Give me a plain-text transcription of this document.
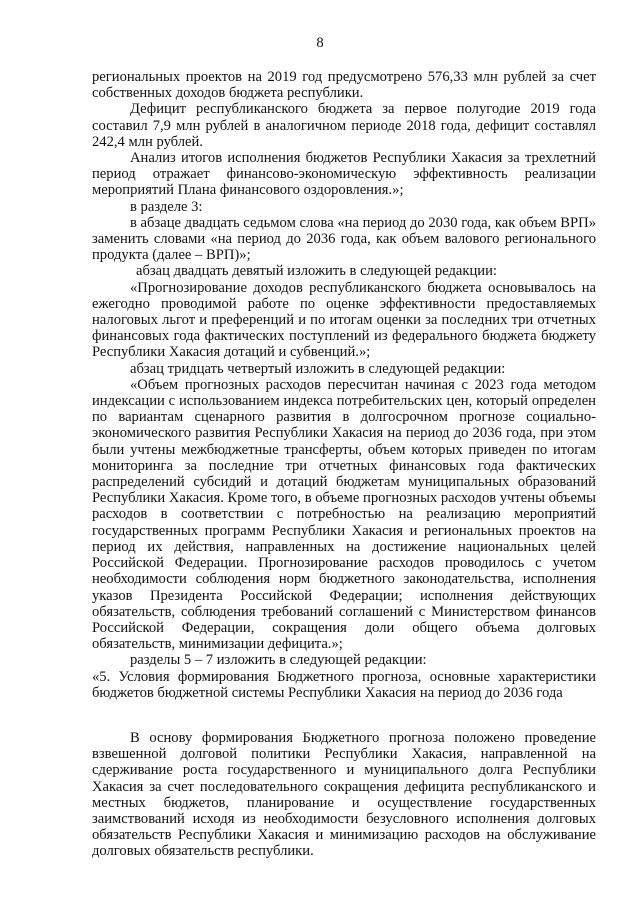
8

региональных проектов на 2019 год предусмотрено 576,33 млн рублей за счет собственных доходов бюджета республики.

Дефицит республиканского бюджета за первое полугодие 2019 года составил 7,9 млн рублей в аналогичном периоде 2018 года, дефицит составлял 242,4 млн рублей.

Анализ итогов исполнения бюджетов Республики Хакасия за трехлетний период отражает финансово-экономическую эффективность реализации мероприятий Плана финансового оздоровления.»;

в разделе 3:

в абзаце двадцать седьмом слова «на период до 2030 года, как объем ВРП» заменить словами «на период до 2036 года, как объем валового регионального продукта (далее – ВРП)»;

абзац двадцать девятый изложить в следующей редакции:

«Прогнозирование доходов республиканского бюджета основывалось на ежегодно проводимой работе по оценке эффективности предоставляемых налоговых льгот и преференций и по итогам оценки за последних три отчетных финансовых года фактических поступлений из федерального бюджета бюджету Республики Хакасия дотаций и субвенций.»;

абзац тридцать четвертый изложить в следующей редакции:

«Объем прогнозных расходов пересчитан начиная с 2023 года методом индексации с использованием индекса потребительских цен, который определен по вариантам сценарного развития в долгосрочном прогнозе социально-экономического развития Республики Хакасия на период до 2036 года, при этом были учтены межбюджетные трансферты, объем которых приведен по итогам мониторинга за последние три отчетных финансовых года фактических распределений субсидий и дотаций бюджетам муниципальных образований Республики Хакасия. Кроме того, в объеме прогнозных расходов учтены объемы расходов в соответствии с потребностью на реализацию мероприятий государственных программ Республики Хакасия и региональных проектов на период их действия, направленных на достижение национальных целей Российской Федерации. Прогнозирование расходов проводилось с учетом необходимости соблюдения норм бюджетного законодательства, исполнения указов Президента Российской Федерации; исполнения действующих обязательств, соблюдения требований соглашений с Министерством финансов Российской Федерации, сокращения доли общего объема долговых обязательств, минимизации дефицита.»;

разделы 5 – 7 изложить в следующей редакции:

«5. Условия формирования Бюджетного прогноза, основные характеристики бюджетов бюджетной системы Республики Хакасия на период до 2036 года

В основу формирования Бюджетного прогноза положено проведение взвешенной долговой политики Республики Хакасия, направленной на сдерживание роста государственного и муниципального долга Республики Хакасия за счет последовательного сокращения дефицита республиканского и местных бюджетов, планирование и осуществление государственных заимствований исходя из необходимости безусловного исполнения долговых обязательств Республики Хакасия и минимизацию расходов на обслуживание долговых обязательств республики.
